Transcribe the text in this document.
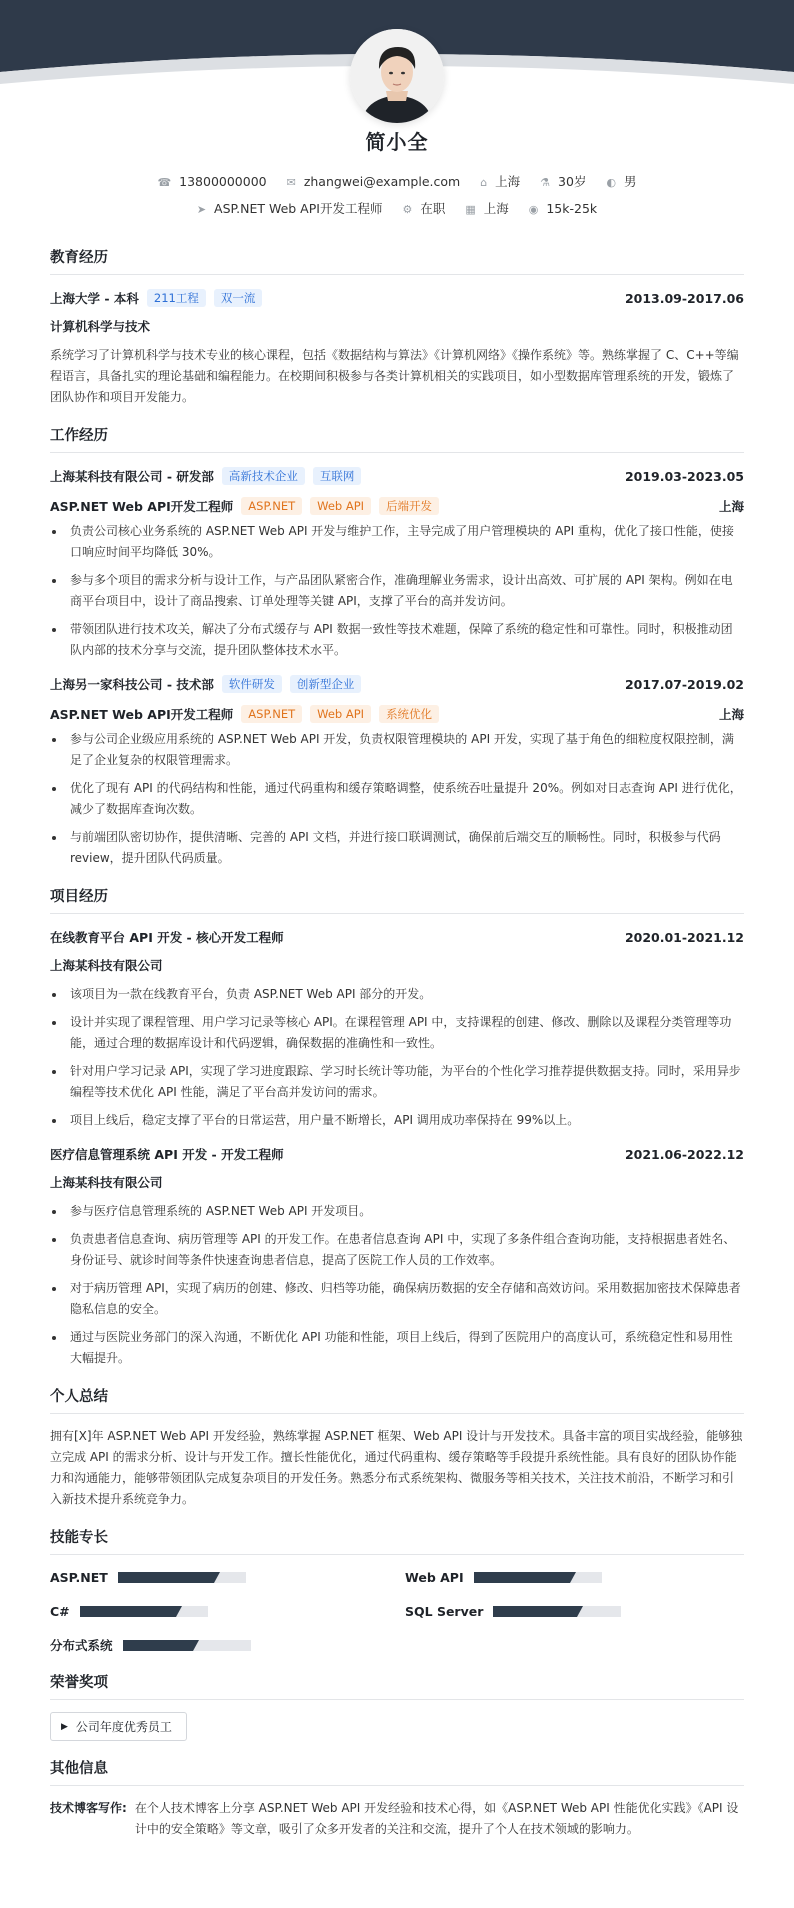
简小全
☎ 13800000000 ✉ zhangwei@example.com ⌂ 上海 ⚗ 30岁 ◐ 男
➤ ASP.NET Web API开发工程师 ⚙ 在职 ▦ 上海 ◉ 15k-25k
教育经历
上海大学 - 本科	211工程	双一流	2013.09-2017.06
计算机科学与技术
系统学习了计算机科学与技术专业的核心课程，包括《数据结构与算法》《计算机网络》《操作系统》等。熟练掌握了 C、C++等编程语言，具备扎实的理论基础和编程能力。在校期间积极参与各类计算机相关的实践项目，如小型数据库管理系统的开发，锻炼了团队协作和项目开发能力。
工作经历
上海某科技有限公司 - 研发部	高新技术企业	互联网	2019.03-2023.05
ASP.NET Web API开发工程师	ASP.NET	Web API	后端开发	上海
负责公司核心业务系统的 ASP.NET Web API 开发与维护工作，主导完成了用户管理模块的 API 重构，优化了接口性能，使接口响应时间平均降低 30%。
参与多个项目的需求分析与设计工作，与产品团队紧密合作，准确理解业务需求，设计出高效、可扩展的 API 架构。例如在电商平台项目中，设计了商品搜索、订单处理等关键 API，支撑了平台的高并发访问。
带领团队进行技术攻关，解决了分布式缓存与 API 数据一致性等技术难题，保障了系统的稳定性和可靠性。同时，积极推动团队内部的技术分享与交流，提升团队整体技术水平。
上海另一家科技公司 - 技术部	软件研发	创新型企业	2017.07-2019.02
ASP.NET Web API开发工程师	ASP.NET	Web API	系统优化	上海
参与公司企业级应用系统的 ASP.NET Web API 开发，负责权限管理模块的 API 开发，实现了基于角色的细粒度权限控制，满足了企业复杂的权限管理需求。
优化了现有 API 的代码结构和性能，通过代码重构和缓存策略调整，使系统吞吐量提升 20%。例如对日志查询 API 进行优化，减少了数据库查询次数。
与前端团队密切协作，提供清晰、完善的 API 文档，并进行接口联调测试，确保前后端交互的顺畅性。同时，积极参与代码 review，提升团队代码质量。
项目经历
在线教育平台 API 开发 - 核心开发工程师	2020.01-2021.12
上海某科技有限公司
该项目为一款在线教育平台，负责 ASP.NET Web API 部分的开发。
设计并实现了课程管理、用户学习记录等核心 API。在课程管理 API 中，支持课程的创建、修改、删除以及课程分类管理等功能，通过合理的数据库设计和代码逻辑，确保数据的准确性和一致性。
针对用户学习记录 API，实现了学习进度跟踪、学习时长统计等功能，为平台的个性化学习推荐提供数据支持。同时，采用异步编程等技术优化 API 性能，满足了平台高并发访问的需求。
项目上线后，稳定支撑了平台的日常运营，用户量不断增长，API 调用成功率保持在 99%以上。
医疗信息管理系统 API 开发 - 开发工程师	2021.06-2022.12
上海某科技有限公司
参与医疗信息管理系统的 ASP.NET Web API 开发项目。
负责患者信息查询、病历管理等 API 的开发工作。在患者信息查询 API 中，实现了多条件组合查询功能，支持根据患者姓名、身份证号、就诊时间等条件快速查询患者信息，提高了医院工作人员的工作效率。
对于病历管理 API，实现了病历的创建、修改、归档等功能，确保病历数据的安全存储和高效访问。采用数据加密技术保障患者隐私信息的安全。
通过与医院业务部门的深入沟通，不断优化 API 功能和性能，项目上线后，得到了医院用户的高度认可，系统稳定性和易用性大幅提升。
个人总结
拥有[X]年 ASP.NET Web API 开发经验，熟练掌握 ASP.NET 框架、Web API 设计与开发技术。具备丰富的项目实战经验，能够独立完成 API 的需求分析、设计与开发工作。擅长性能优化，通过代码重构、缓存策略等手段提升系统性能。具有良好的团队协作能力和沟通能力，能够带领团队完成复杂项目的开发任务。熟悉分布式系统架构、微服务等相关技术，关注技术前沿，不断学习和引入新技术提升系统竞争力。
技能专长
ASP.NET	Web API
C#	SQL Server
分布式系统
荣誉奖项
▶ 公司年度优秀员工
其他信息
技术博客写作: 在个人技术博客上分享 ASP.NET Web API 开发经验和技术心得，如《ASP.NET Web API 性能优化实践》《API 设计中的安全策略》等文章，吸引了众多开发者的关注和交流，提升了个人在技术领域的影响力。
